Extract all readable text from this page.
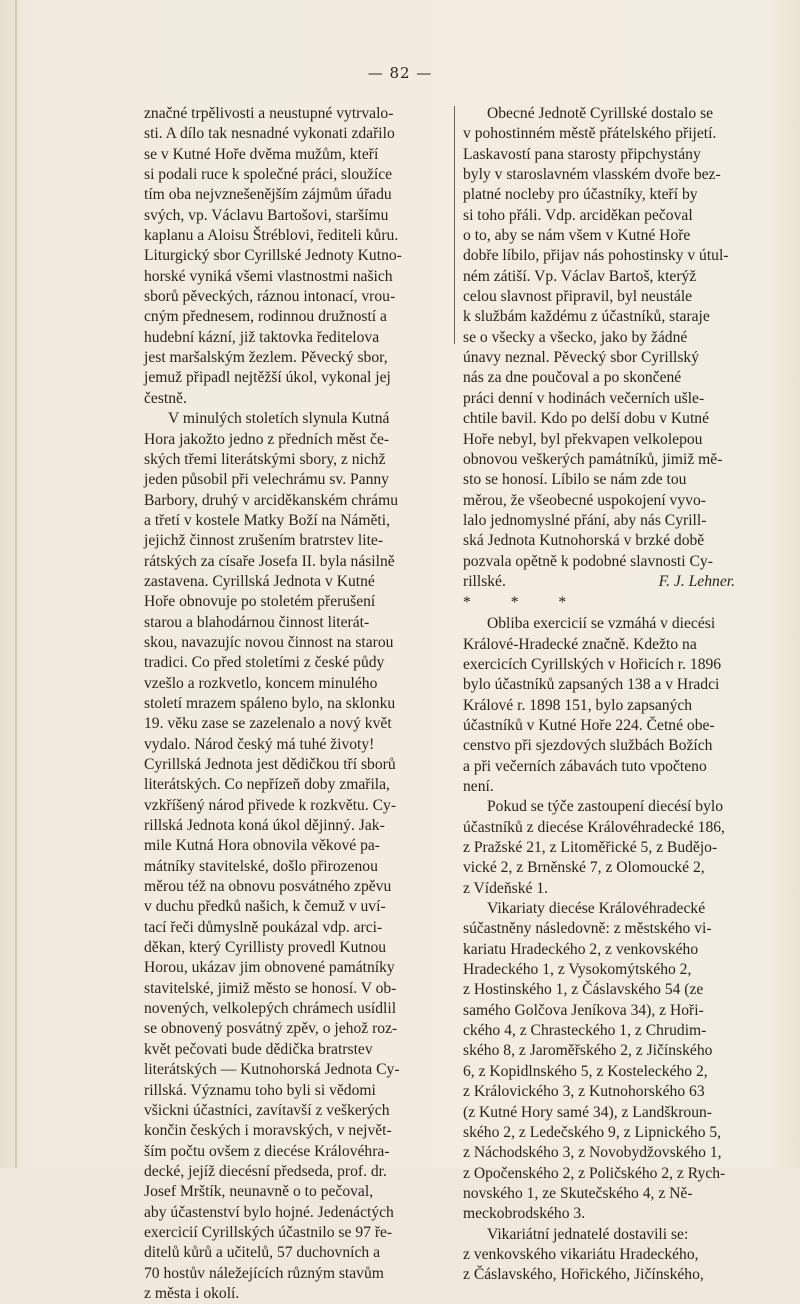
— 82 —

značné trpělivosti a neustupné vytrvalo-
sti. A dílo tak nesnadné vykonati zdařilo
se v Kutné Hoře dvěma mužům, kteří
si podali ruce k společné práci, sloužíce
tím oba nejvznešenějším zájmům úřadu
svých, vp. Václavu Bartošovi, staršímu
kaplanu a Aloisu Štréblovi, řediteli kůru.
Liturgický sbor Cyrillské Jednoty Kutno-
horské vyniká všemi vlastnostmi našich
sborů pěveckých, ráznou intonací, vrou-
cným přednesem, rodinnou družností a
hudební kázní, již taktovka ředitelova
jest maršalským žezlem. Pěvecký sbor,
jemuž připadl nejtěžší úkol, vykonal jej
čestně.

V minulých stoletích slynula Kutná
Hora jakožto jedno z předních měst če-
ských třemi literátskými sbory, z nichž
jeden působil při velechrámu sv. Panny
Barbory, druhý v arciděkanském chrámu
a třetí v kostele Matky Boží na Náměti,
jejichž činnost zrušením bratrstev lite-
rátských za císaře Josefa II. byla násilně
zastavena. Cyrillská Jednota v Kutné
Hoře obnovuje po stoletém přerušení
starou a blahodárnou činnost literát-
skou, navazujíc novou činnost na starou
tradici. Co před stoletími z české půdy
vzešlo a rozkvetlo, koncem minulého
století mrazem spáleno bylo, na sklonku
19. věku zase se zazelenalo a nový květ
vydalo. Národ český má tuhé životy!
Cyrillská Jednota jest dědičkou tří sborů
literátských. Co nepřízeň doby zmařila,
vzkříšený národ přivede k rozkvětu. Cy-
rillská Jednota koná úkol dějinný. Jak-
mile Kutná Hora obnovila věkové pa-
mátníky stavitelské, došlo přirozenou
měrou též na obnovu posvátného zpěvu
v duchu předků našich, k čemuž v uví-
tací řeči důmyslně poukázal vdp. arci-
děkan, který Cyrillisty provedl Kutnou
Horou, ukázav jim obnovené památníky
stavitelské, jimiž město se honosí. V ob-
novených, velkolepých chrámech usídlil
se obnovený posvátný zpěv, o jehož roz-
květ pečovati bude dědička bratrstev
literátských — Kutnohorská Jednota Cy-
rillská. Významu toho byli si vědomi
všickni účastníci, zavítavší z veškerých
končin českých i moravských, v největ-
ším počtu ovšem z diecése Královéhra-
decké, jejíž diecésní předseda, prof. dr.
Josef Mrštík, neunavně o to pečoval,
aby účastenství bylo hojné. Jedenáctých
exercicií Cyrillských účastnilo se 97 ře-
ditelů kůrů a učitelů, 57 duchovních a
70 hostův náležejících různým stavům
z města i okolí.

Obecné Jednotě Cyrillské dostalo se
v pohostinném městě přátelského přijetí.
Laskavostí pana starosty připchystány
byly v staroslavném vlasském dvoře bez-
platné nocleby pro účastníky, kteří by
si toho přáli. Vdp. arciděkan pečoval
o to, aby se nám všem v Kutné Hoře
dobře líbilo, přijav nás pohostinsky v útul-
ném zátiší. Vp. Václav Bartoš, kterýž
celou slavnost připravil, byl neustále
k službám každému z účastníků, staraje
se o všecky a všecko, jako by žádné
únavy neznal. Pěvecký sbor Cyrillský
nás za dne poučoval a po skončené
práci denní v hodinách večerních ušle-
chtile bavil. Kdo po delší dobu v Kutné
Hoře nebyl, byl překvapen velkolepou
obnovou veškerých památníků, jimiž mě-
sto se honosí. Líbilo se nám zde tou
měrou, že všeobecné uspokojení vyvo-
lalo jednomyslné přání, aby nás Cyrill-
ská Jednota Kutnohorská v brzké době
pozvala opětně k podobné slavnosti Cy-

rillské.	F. J. Lehner.

* * *

Obliba exercicií se vzmáhá v diecési
Králové-Hradecké značně. Kdežto na
exercicích Cyrillských v Hořicích r. 1896
bylo účastníků zapsaných 138 a v Hradci
Králové r. 1898 151, bylo zapsaných
účastníků v Kutné Hoře 224. Četné obe-
censtvo při sjezdových službách Božích
a při večerních zábavách tuto vpočteno
není.

Pokud se týče zastoupení diecésí bylo
účastníků z diecése Královéhradecké 186,
z Pražské 21, z Litoměřické 5, z Budějo-
vické 2, z Brněnské 7, z Olomoucké 2,
z Vídeňské 1.

Vikariaty diecése Královéhradecké
súčastněny následovně: z městského vi-
kariatu Hradeckého 2, z venkovského
Hradeckého 1, z Vysokomýtského 2,
z Hostinského 1, z Čáslavského 54 (ze
samého Golčova Jeníkova 34), z Hoři-
ckého 4, z Chrasteckého 1, z Chrudim-
ského 8, z Jaroměřského 2, z Jičínského
6, z Kopidlnského 5, z Kosteleckého 2,
z Královického 3, z Kutnohorského 63
(z Kutné Hory samé 34), z Landškroun-
ského 2, z Ledečského 9, z Lipnického 5,
z Náchodského 3, z Novobydžovského 1,
z Opočenského 2, z Poličského 2, z Rych-
novského 1, ze Skutečského 4, z Ně-
meckobrodského 3.

Vikariátní jednatelé dostavili se:
z venkovského vikariátu Hradeckého,
z Čáslavského, Hořického, Jičínského,
